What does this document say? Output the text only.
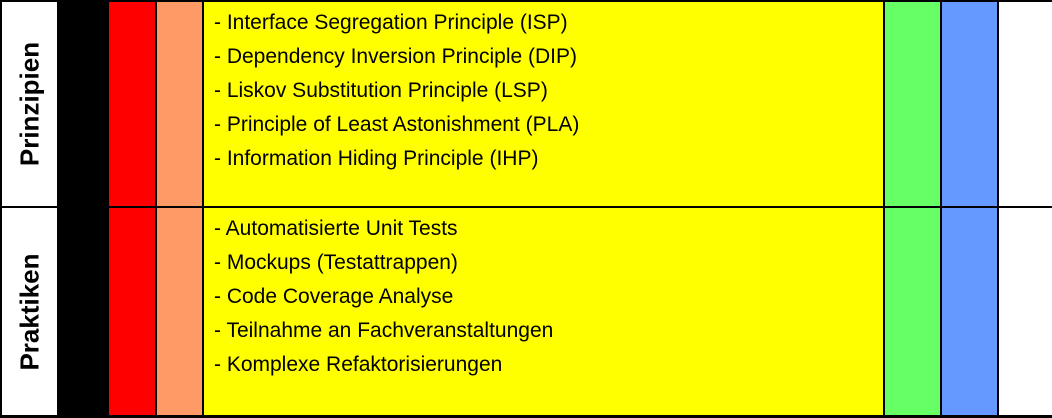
Prinzipien
- Interface Segregation Principle (ISP)
- Dependency Inversion Principle (DIP)
- Liskov Substitution Principle (LSP)
- Principle of Least Astonishment (PLA)
- Information Hiding Principle (IHP)
Praktiken
- Automatisierte Unit Tests
- Mockups (Testattrappen)
- Code Coverage Analyse
- Teilnahme an Fachveranstaltungen
- Komplexe Refaktorisierungen
